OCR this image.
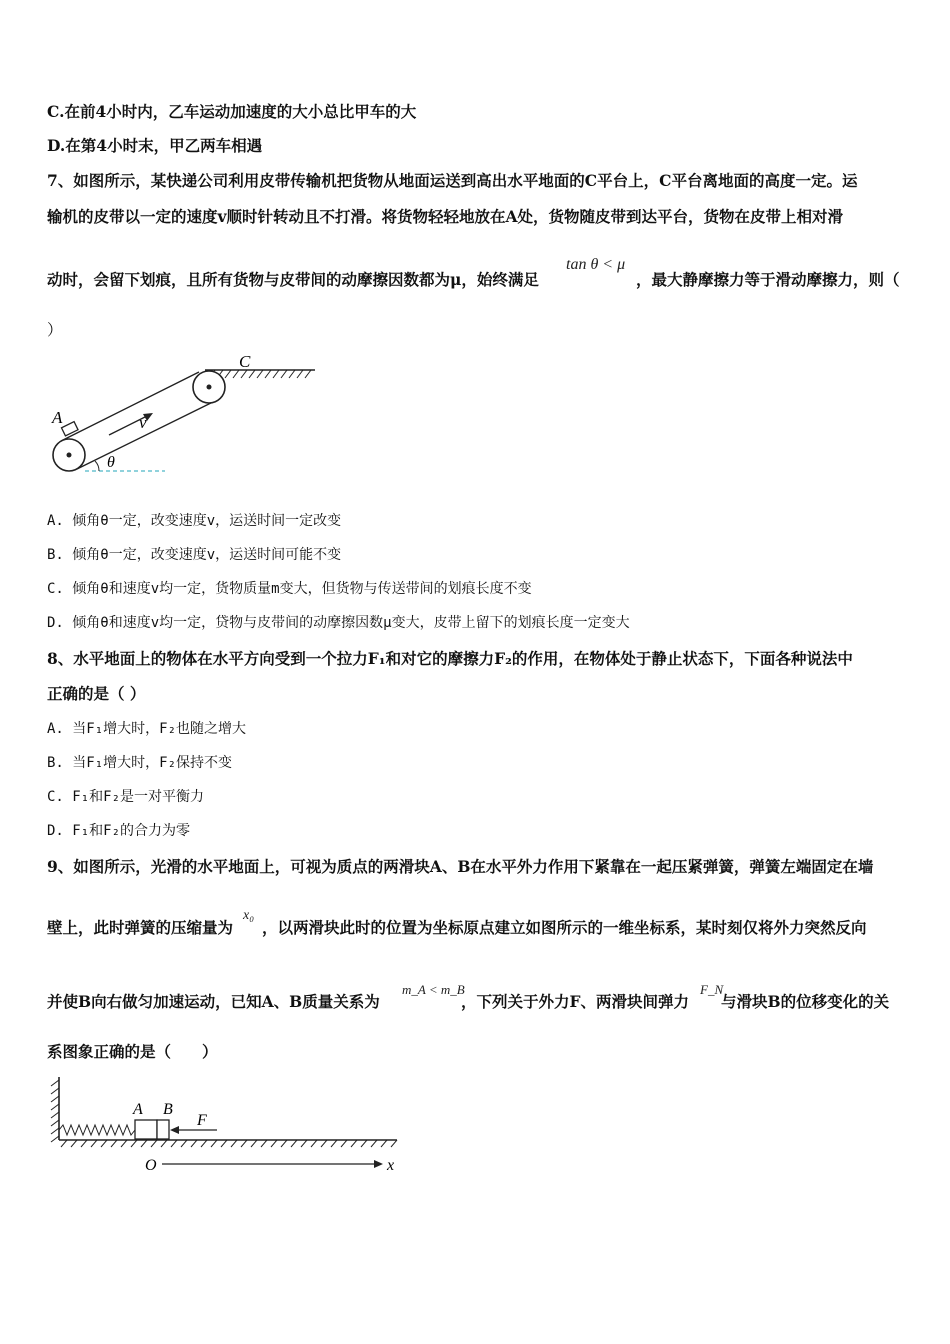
C.在前4小时内，乙车运动加速度的大小总比甲车的大
D.在第4小时末，甲乙两车相遇
7、如图所示，某快递公司利用皮带传输机把货物从地面运送到高出水平地面的C平台上，C平台离地面的高度一定。运
输机的皮带以一定的速度v顺时针转动且不打滑。将货物轻轻地放在A处，货物随皮带到达平台，货物在皮带上相对滑
动时，会留下划痕，且所有货物与皮带间的动摩擦因数都为μ，始终满足
tan θ < μ
，最大静摩擦力等于滑动摩擦力，则（
）
C
A	v
θ
A. 倾角θ一定，改变速度v，运送时间一定改变
B. 倾角θ一定，改变速度v，运送时间可能不变
C. 倾角θ和速度v均一定，货物质量m变大，但货物与传送带间的划痕长度不变
D. 倾角θ和速度v均一定，贷物与皮带间的动摩擦因数μ变大，皮带上留下的划痕长度一定变大
8、水平地面上的物体在水平方向受到一个拉力F₁和对它的摩擦力F₂的作用，在物体处于静止状态下，下面各种说法中
正确的是（ ）
A. 当F₁增大时，F₂也随之增大
B. 当F₁增大时，F₂保持不变
C. F₁和F₂是一对平衡力
D. F₁和F₂的合力为零
9、如图所示，光滑的水平地面上，可视为质点的两滑块A、B在水平外力作用下紧靠在一起压紧弹簧，弹簧左端固定在墙
壁上，此时弹簧的压缩量为
x₀
，以两滑块此时的位置为坐标原点建立如图所示的一维坐标系，某时刻仅将外力突然反向
并使B向右做匀加速运动，已知A、B质量关系为
m_A < m_B
，下列关于外力F、两滑块间弹力
F_N
与滑块B的位移变化的关
系图象正确的是（　　）
A B
F
O	x
